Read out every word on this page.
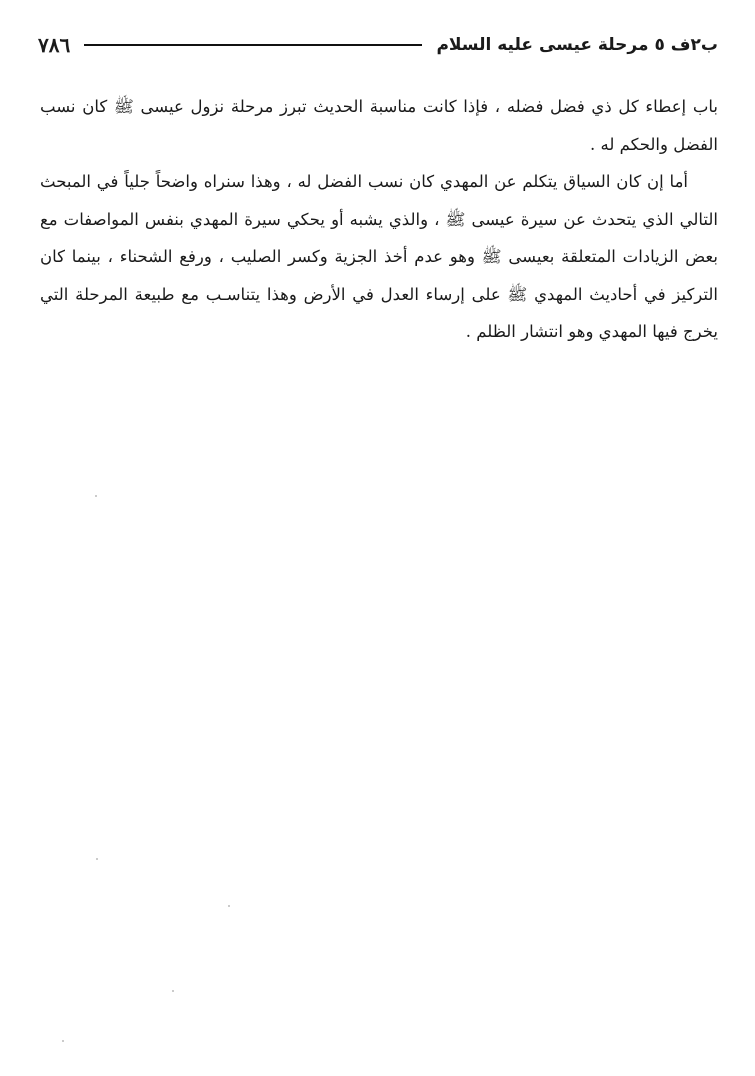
ب٢ف ٥ مرحلة عيسى عليه السلام
٧٨٦

باب إعطاء كل ذي فضل فضله ، فإذا كانت مناسبة الحديث تبرز مرحلة نزول عيسى ﷺ كان نسب الفضل والحكم له .

أما إن كان السياق يتكلم عن المهدي كان نسب الفضل له ، وهذا سنراه واضحاً جلياً في المبحث التالي الذي يتحدث عن سيرة عيسى ﷺ ، والذي يشبه أو يحكي سيرة المهدي بنفس المواصفات مع بعض الزيادات المتعلقة بعيسى ﷺ وهو عدم أخذ الجزية وكسر الصليب ، ورفع الشحناء ، بينما كان التركيز في أحاديث المهدي ﷺ على إرساء العدل في الأرض وهذا يتناسـب مع طبيعة المرحلة التي يخرج فيها المهدي وهو انتشار الظلم .
